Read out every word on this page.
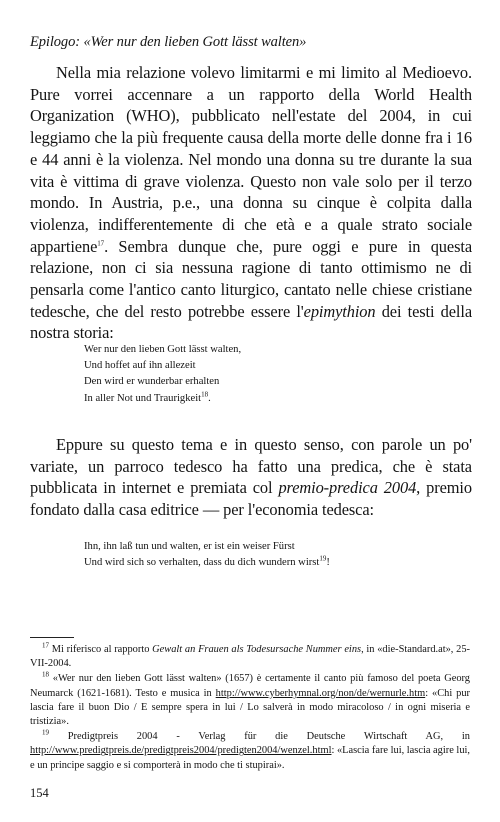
Epilogo: «Wer nur den lieben Gott lässt walten»
Nella mia relazione volevo limitarmi e mi limito al Medioevo. Pure vorrei accennare a un rapporto della World Health Organization (WHO), pubblicato nell'estate del 2004, in cui leggiamo che la più frequente causa della morte delle donne fra i 16 e 44 anni è la violenza. Nel mondo una donna su tre durante la sua vita è vittima di grave violenza. Questo non vale solo per il terzo mondo. In Austria, p.e., una donna su cinque è colpita dalla violenza, indifferentemente di che età e a quale strato sociale appartiene$^{17}$. Sembra dunque che, pure oggi e pure in questa relazione, non ci sia nessuna ragione di tanto ottimismo ne di pensarla come l'antico canto liturgico, cantato nelle chiese cristiane tedesche, che del resto potrebbe essere l'epimythion dei testi della nostra storia:
Wer nur den lieben Gott lässt walten,
Und hoffet auf ihn allezeit
Den wird er wunderbar erhalten
In aller Not und Traurigkeit$^{18}$.
Eppure su questo tema e in questo senso, con parole un po' variate, un parroco tedesco ha fatto una predica, che è stata pubblicata in internet e premiata col premio-predica 2004, premio fondato dalla casa editrice — per l'economia tedesca:
Ihn, ihn laß tun und walten, er ist ein weiser Fürst
Und wird sich so verhalten, dass du dich wundern wirst$^{19}$!

$^{17}$ Mi riferisco al rapporto Gewalt an Frauen als Todesursache Nummer eins, in «die-Standard.at», 25-VII-2004.

$^{18}$ «Wer nur den lieben Gott lässt walten» (1657) è certamente il canto più famoso del poeta Georg Neumarck (1621-1681). Testo e musica in http://www.cyberhymnal.org/non/de/wernurle.htm: «Chi pur lascia fare il buon Dio / E sempre spera in lui / Lo salverà in modo miracoloso / in ogni miseria e tristizia».

$^{19}$ Predigtpreis 2004 - Verlag für die Deutsche Wirtschaft AG, in http://www.predigtpreis.de/predigtpreis2004/predigten2004/wenzel.html: «Lascia fare lui, lascia agire lui, e un principe saggio e si comporterà in modo che ti stupirai».

154
